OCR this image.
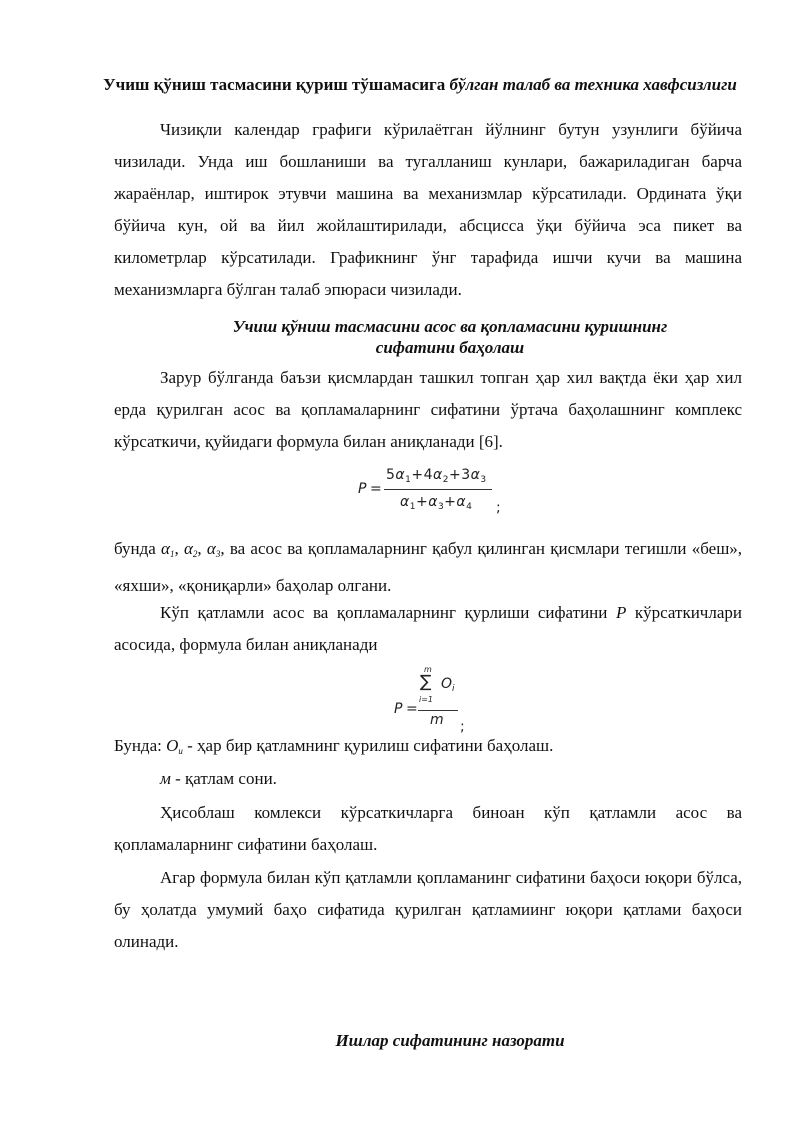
Учиш қўниш тасмасини қуриш тўшамасига бўлган талаб ва техника хавфсизлиги

Чизиқли календар графиги кўрилаётган йўлнинг бутун узунлиги бўйича чизилади. Унда иш бошланиши ва тугалланиш кунлари, бажариладиган барча жараёнлар, иштирок этувчи машина ва механизмлар кўрсатилади. Ордината ўқи бўйича кун, ой ва йил жойлаштирилади, абсцисса ўқи бўйича эса пикет ва километрлар кўрсатилади. Графикнинг ўнг тарафида ишчи кучи ва машина механизмларга бўлган талаб эпюраси чизилади.

Учиш қўниш тасмасини асос ва қопламасини қуришнинг
сифатини баҳолаш

Зарур бўлганда баъзи қисмлардан ташкил топган ҳар хил вақтда ёки ҳар хил ерда қурилган асос ва қопламаларнинг сифатини ўртача баҳолашнинг комплекс кўрсаткичи, қуйидаги формула билан аниқланади [6].

P =
$5\alpha_1+4\alpha_2+3\alpha_3$
$\alpha_1+\alpha_3+\alpha_4$ ;

бунда α1, α2, α3, ва асос ва қопламаларнинг қабул қилинган қисмлари тегишли «беш», «яхши», «қониқарли» баҳолар олгани.

Кўп қатламли асос ва қопламаларнинг қурлиши сифатини P кўрсаткичлари асосида, формула билан аниқланади

m
∑
i=1
$O_i$
P =
m ;

Бунда: Ou - ҳар бир қатламнинг қурилиш сифатини баҳолаш.

м - қатлам сони.

Ҳисоблаш комлекси кўрсаткичларга биноан кўп қатламли асос ва қопламаларнинг сифатини баҳолаш.

Агар формула билан кўп қатламли қопламанинг сифатини баҳоси юқори бўлса, бу ҳолатда умумий баҳо сифатида қурилган қатламиинг юқори қатлами баҳоси олинади.

Ишлар сифатининг назорати
